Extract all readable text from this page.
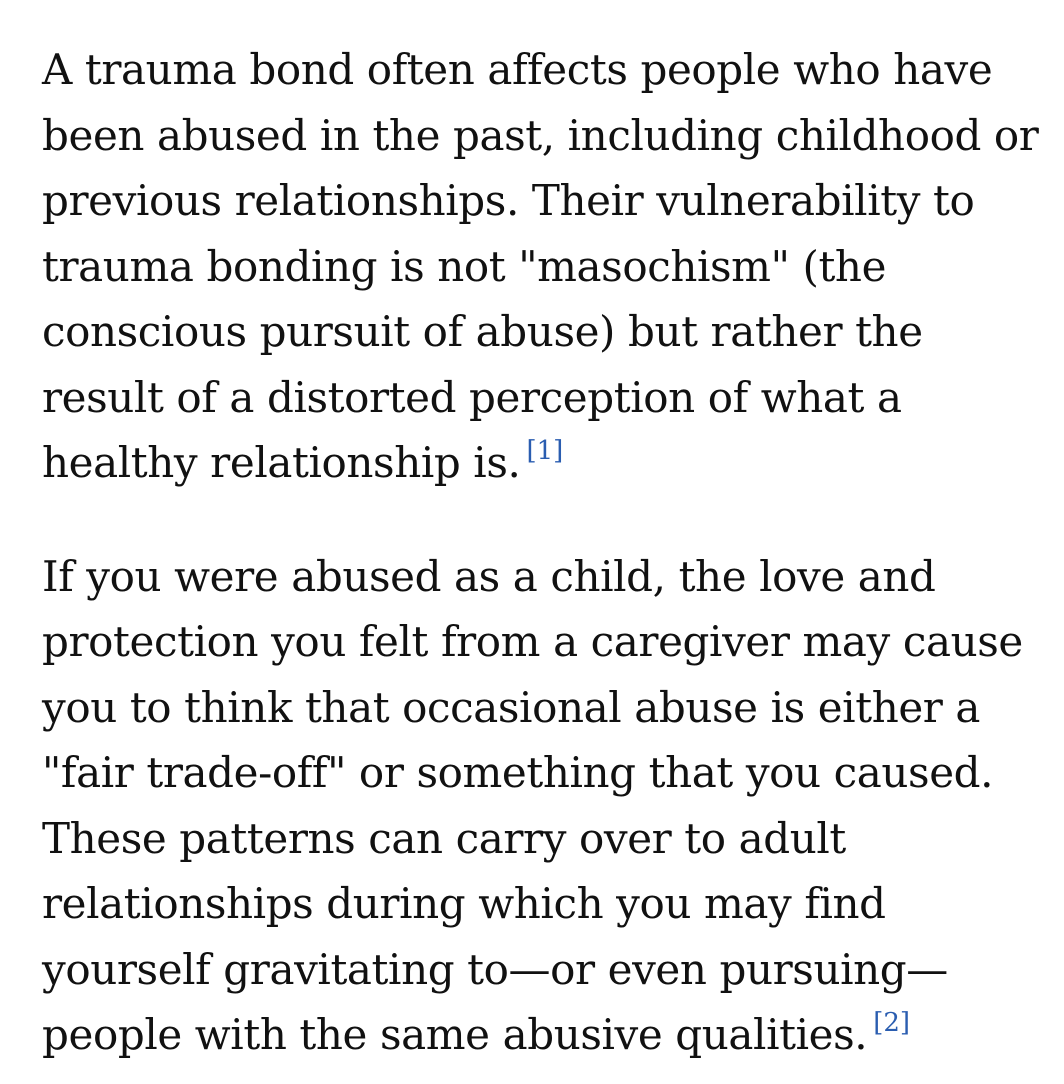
A trauma bond often affects people who have been abused in the past, including childhood or previous relationships. Their vulnerability to trauma bonding is not "masochism" (the conscious pursuit of abuse) but rather the result of a distorted perception of what a healthy relationship is. [1]

If you were abused as a child, the love and protection you felt from a caregiver may cause you to think that occasional abuse is either a "fair trade-off" or something that you caused. These patterns can carry over to adult relationships during which you may find yourself gravitating to—or even pursuing—people with the same abusive qualities. [2]
